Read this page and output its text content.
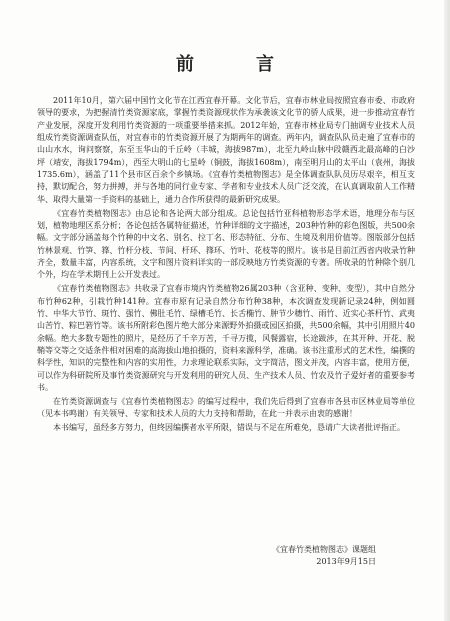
前　言

2011年10月，第六届中国竹文化节在江西宜春开幕。文化节后，宜春市林业局按照宜春市委、市政府领导的要求，为把握清竹类资源家底，掌握竹类资源现状作为承袭该文化节的骄人成果，进一步推动宜春竹产业发展，深度开发利用竹类资源的一项重要举措来抓。2012年始，宜春市林业局专门抽调专业技术人员组成竹类资源调查队伍，对宜春市的竹类资源开展了为期两年的调查。两年内，调查队队员走遍了宜春市的山山水水，询问察察，东至玉华山的千丘岭（丰城，海拔987m），北至九岭山脉中段赣西北最高峰的白沙坪（靖安，海拔1794m），西至大明山的七星岭（铜鼓，海拔1608m），南至明月山的太平山（袁州，海拔1735.6m），涵盖了11个县市区百余个乡镇场。《宜春竹类植物图志》是全体调查队队员历尽艰辛，相互支持，默切配合，努力拼搏，并与各地的同行业专家、学者和专业技术人员广泛交流，在认真调取前人工作精华、取得大量第一手资料的基础上，通力合作所获得的最新研究成果。

《宜春竹类植物图志》由总论和各论两大部分组成。总论包括竹亚科植物形态学术语，地理分布与区划，植物地理区系分析；各论包括各属特征描述，竹种详细的文字描述，203种竹种的彩色图版，共500余幅。文字部分涵盖每个竹种的中文名、别名、拉丁名、形态特征、分布、生境及利用价值等。图版部分包括竹林景观、竹笋、箨、竹杆分枝、节间、杆环、箨环、竹叶、花枝等的照片。该书是目前江西省内收录竹种齐全，数量丰富，内容系统，文字和图片资料详实的一部反映地方竹类资源的专著。所收录的竹种除个别几个外，均在学术期刊上公开发表过。

《宜春竹类植物图志》共收录了宜春市境内竹类植物26属203种（含亚种、变种、变型），其中自然分布竹种62种，引栽竹种141种。宜春市原有记录自然分布竹种38种，本次调查发现新记录24种，例如圆竹、中华大节竹、斑竹、强竹、佛肚毛竹、绿槽毛竹、长舌椭竹、肿节少穗竹、雨竹、近实心茶杆竹、武夷山苦竹、粽巴箬竹等。该书所附彩色图片绝大部分来源野外拍摄或园区拍摄，共500余幅，其中引用照片40余幅。绝大多数专题性的照片，是经历了千辛万苦，千寻万揽，风餐露宿，长途跋涉，在其开种、开花、脱鞘等交等之交适条件相对困难的高海拔山地拍摄的，资料来源科学，准确。该书注重形式的艺术性，编撰的科学性，知识的完整性和内容的实用性，力求理论联系实际，文字简洁，图文并茂，内容丰富，使用方便，可以作为科研院所及事竹类资源研究与开发利用的研究人员、生产技术人员、竹农及竹子爱好者的重要参考书。

在竹类资源调查与《宜春竹类植物图志》的编写过程中，我们先后得到了宜春市各县市区林业局等单位（见本书鸣谢）有关领导、专家和技术人员的大力支持和帮助，在此一并表示由衷的感谢！

本书编写，虽经多方努力，但终因编撰者水平所限，错误与不足在所难免，恳请广大读者批评指正。

《宜春竹类植物图志》课题组
2013年9月15日
